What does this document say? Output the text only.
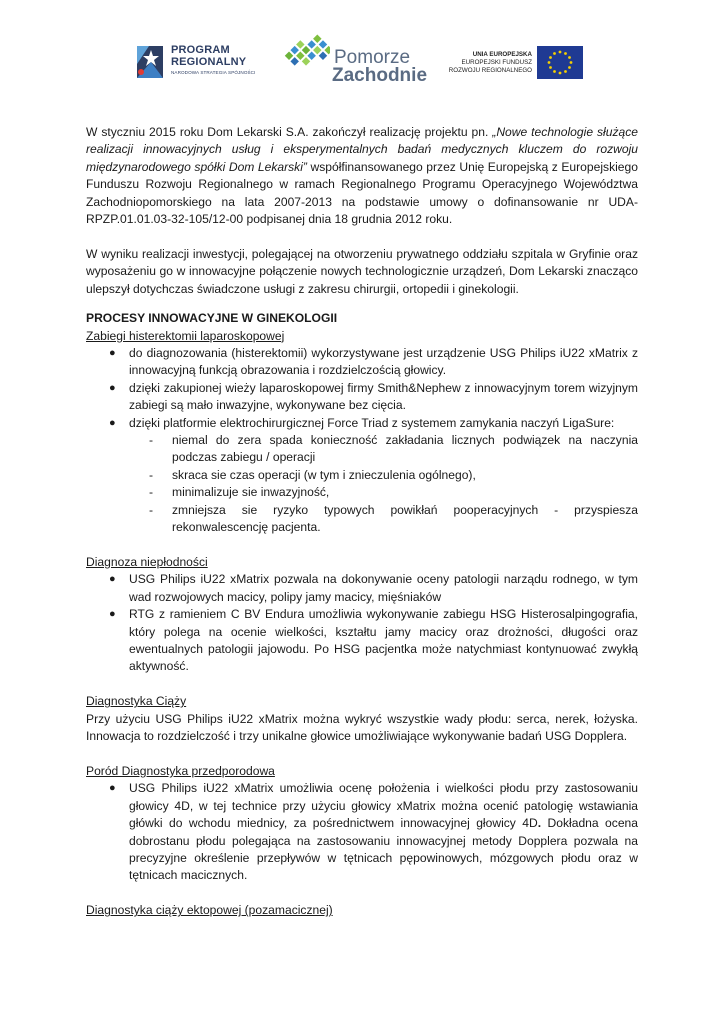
PROGRAM
REGIONALNY
NARODOWA STRATEGIA SPÓJNOŚCI
Pomorze
Zachodnie
UNIA EUROPEJSKA
EUROPEJSKI FUNDUSZ
ROZWOJU REGIONALNEGO

W styczniu 2015 roku Dom Lekarski S.A. zakończył realizację projektu pn. „Nowe technologie służące realizacji innowacyjnych usług i eksperymentalnych badań medycznych kluczem do rozwoju międzynarodowego spółki Dom Lekarski” współfinansowanego przez Unię Europejską z Europejskiego Funduszu Rozwoju Regionalnego w ramach Regionalnego Programu Operacyjnego Województwa Zachodniopomorskiego na lata 2007-2013 na podstawie umowy o dofinansowanie nr UDA-RPZP.01.01.03-32-105/12-00 podpisanej dnia 18 grudnia 2012 roku.

W wyniku realizacji inwestycji, polegającej na otworzeniu prywatnego oddziału szpitala w Gryfinie oraz wyposażeniu go w innowacyjne połączenie nowych technologicznie urządzeń, Dom Lekarski znacząco ulepszył dotychczas świadczone usługi z zakresu chirurgii, ortopedii i ginekologii.

PROCESY INNOWACYJNE W GINEKOLOGII

Zabiegi histerektomii laparoskopowej

● do diagnozowania (histerektomii) wykorzystywane jest urządzenie USG Philips iU22 xMatrix z innowacyjną funkcją obrazowania i rozdzielczością głowicy.
● dzięki zakupionej wieży laparoskopowej firmy Smith&Nephew z innowacyjnym torem wizyjnym zabiegi są mało inwazyjne, wykonywane bez cięcia.
● dzięki platformie elektrochirurgicznej Force Triad z systemem zamykania naczyń LigaSure:
- niemal do zera spada konieczność zakładania licznych podwiązek na naczynia podczas zabiegu / operacji
- skraca sie czas operacji (w tym i znieczulenia ogólnego),
- minimalizuje sie inwazyjność,
- zmniejsza sie ryzyko typowych powikłań pooperacyjnych - przyspiesza rekonwalescencję pacjenta.

Diagnoza niepłodności

● USG Philips iU22 xMatrix pozwala na dokonywanie oceny patologii narządu rodnego, w tym wad rozwojowych macicy, polipy jamy macicy, mięśniaków
● RTG z ramieniem C BV Endura umożliwia wykonywanie zabiegu HSG Histerosalpingografia, który polega na ocenie wielkości, kształtu jamy macicy oraz drożności, długości oraz ewentualnych patologii jajowodu. Po HSG pacjentka może natychmiast kontynuować zwykłą aktywność.

Diagnostyka Ciąży

Przy użyciu USG Philips iU22 xMatrix można wykryć wszystkie wady płodu: serca, nerek, łożyska. Innowacja to rozdzielczość i trzy unikalne głowice umożliwiające wykonywanie badań USG Dopplera.

Poród Diagnostyka przedporodowa

● USG Philips iU22 xMatrix umożliwia ocenę położenia i wielkości płodu przy zastosowaniu głowicy 4D, w tej technice przy użyciu głowicy xMatrix można ocenić patologię wstawiania główki do wchodu miednicy, za pośrednictwem innowacyjnej głowicy 4D. Dokładna ocena dobrostanu płodu polegająca na zastosowaniu innowacyjnej metody Dopplera pozwala na precyzyjne określenie przepływów w tętnicach pępowinowych, mózgowych płodu oraz w tętnicach macicznych.

Diagnostyka ciąży ektopowej (pozamacicznej)
